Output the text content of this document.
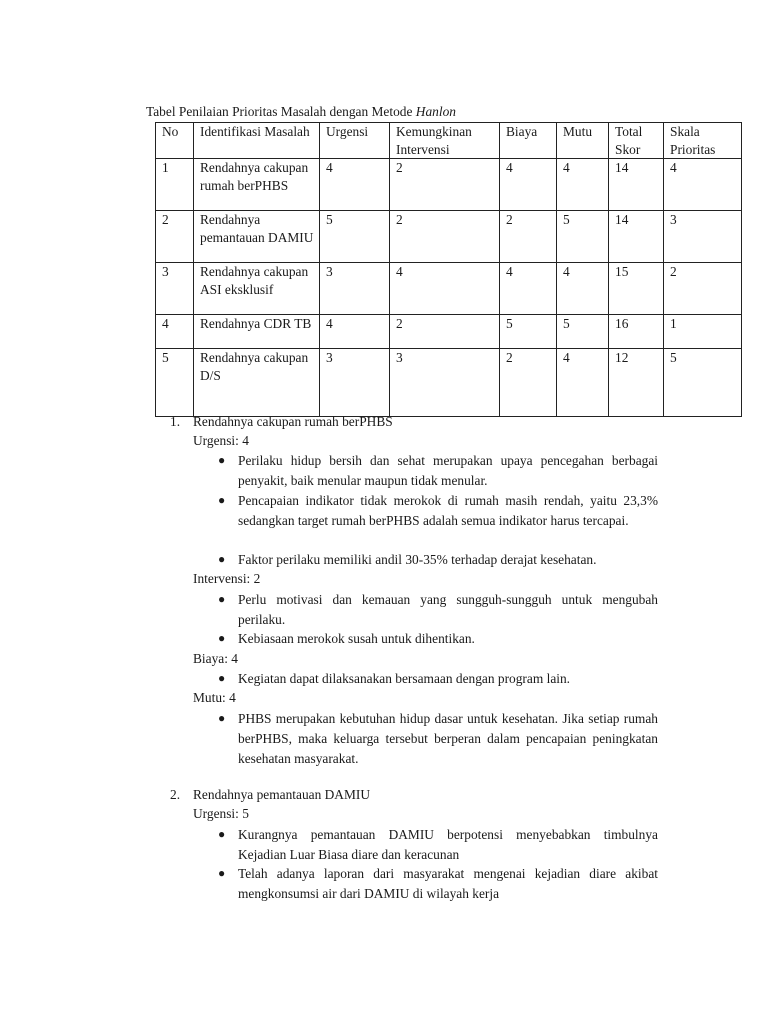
Tabel Penilaian Prioritas Masalah dengan Metode Hanlon
No	Identifikasi Masalah	Urgensi	Kemungkinan Intervensi	Biaya	Mutu	Total Skor	Skala Prioritas
1	Rendahnya cakupan rumah berPHBS	4	2	4	4	14	4
2	Rendahnya pemantauan DAMIU	5	2	2	5	14	3
3	Rendahnya cakupan ASI eksklusif	3	4	4	4	15	2
4	Rendahnya CDR TB	4	2	5	5	16	1
5	Rendahnya cakupan D/S	3	3	2	4	12	5
1. Rendahnya cakupan rumah berPHBS
Urgensi: 4
● Perilaku hidup bersih dan sehat merupakan upaya pencegahan berbagai penyakit, baik menular maupun tidak menular.
● Pencapaian indikator tidak merokok di rumah masih rendah, yaitu 23,3% sedangkan target rumah berPHBS adalah semua indikator harus tercapai.
● Faktor perilaku memiliki andil 30-35% terhadap derajat kesehatan.
Intervensi: 2
● Perlu motivasi dan kemauan yang sungguh-sungguh untuk mengubah perilaku.
● Kebiasaan merokok susah untuk dihentikan.
Biaya: 4
● Kegiatan dapat dilaksanakan bersamaan dengan program lain.
Mutu: 4
● PHBS merupakan kebutuhan hidup dasar untuk kesehatan. Jika setiap rumah berPHBS, maka keluarga tersebut berperan dalam pencapaian peningkatan kesehatan masyarakat.
2. Rendahnya pemantauan DAMIU
Urgensi: 5
● Kurangnya pemantauan DAMIU berpotensi menyebabkan timbulnya Kejadian Luar Biasa diare dan keracunan
● Telah adanya laporan dari masyarakat mengenai kejadian diare akibat mengkonsumsi air dari DAMIU di wilayah kerja
